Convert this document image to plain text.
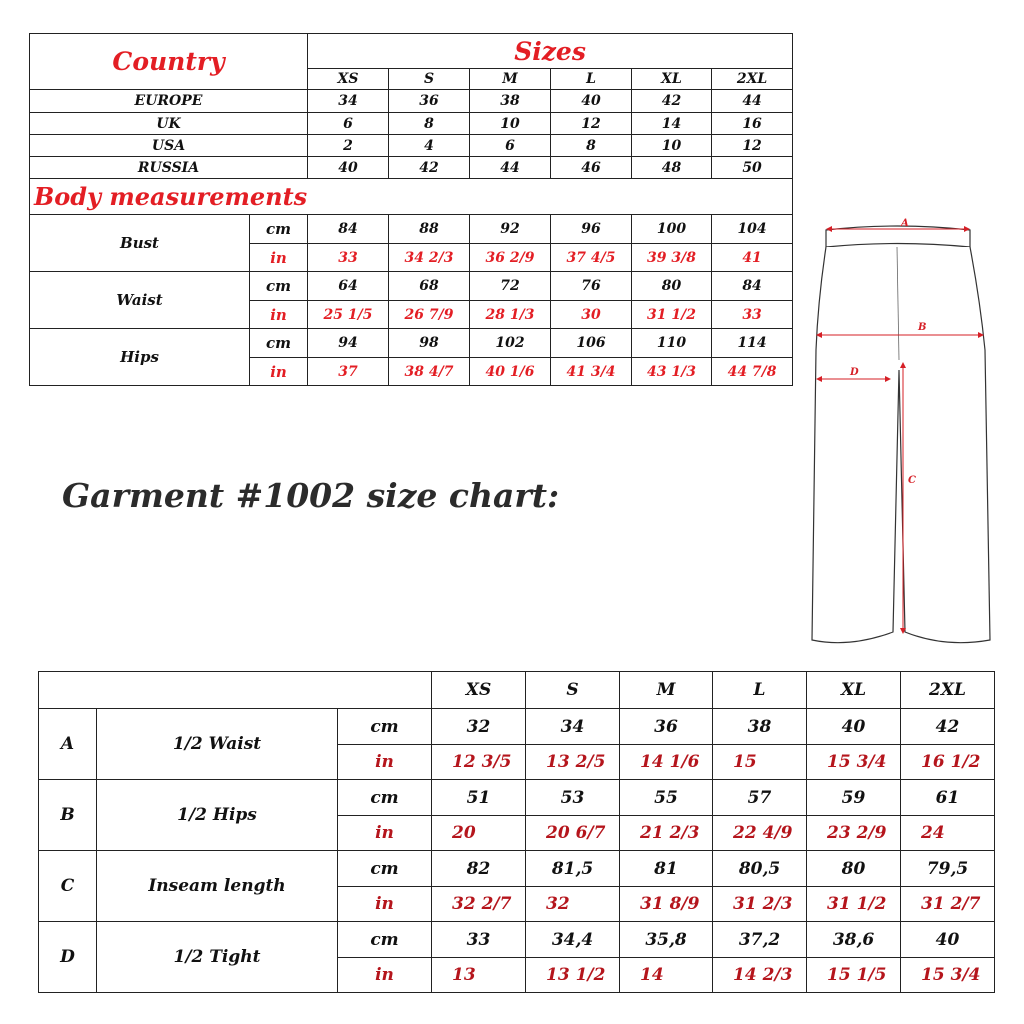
Country		Sizes					
		XS	S	M	L	XL	2XL
EUROPE		34	36	38	40	42	44
UK		6	8	10	12	14	16
USA		2	4	6	8	10	12
RUSSIA		40	42	44	46	48	50
Body measurements							
Bust	cm	84	88	92	96	100	104
	in	33	34 2/3	36 2/9	37 4/5	39 3/8	41
Waist	cm	64	68	72	76	80	84
	in	25 1/5	26 7/9	28 1/3	30	31 1/2	33
Hips	cm	94	98	102	106	110	114
	in	37	38 4/7	40 1/6	41 3/4	43 1/3	44 7/8
Garment #1002 size chart:
A
B
D
C
			XS	S	M	L	XL	2XL
A	1/2 Waist	cm	32	34	36	38	40	42
		in	12 3/5	13 2/5	14 1/6	15	15 3/4	16 1/2
B	1/2 Hips	cm	51	53	55	57	59	61
		in	20	20 6/7	21 2/3	22 4/9	23 2/9	24
C	Inseam length	cm	82	81,5	81	80,5	80	79,5
		in	32 2/7	32	31 8/9	31 2/3	31 1/2	31 2/7
D	1/2 Tight	cm	33	34,4	35,8	37,2	38,6	40
		in	13	13 1/2	14	14 2/3	15 1/5	15 3/4
